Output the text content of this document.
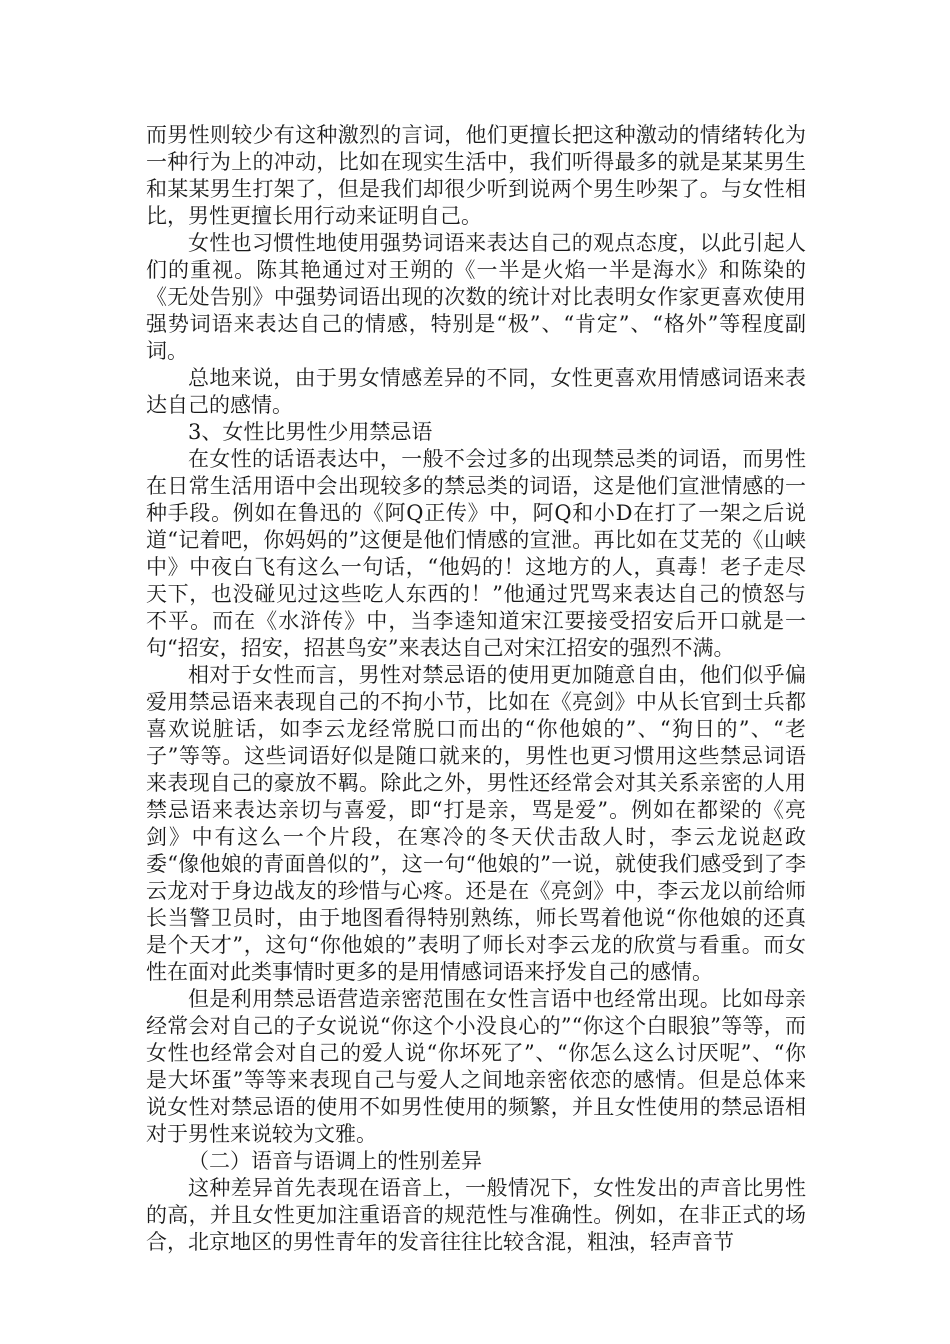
而男性则较少有这种激烈的言词，他们更擅长把这种激动的情绪转化为一种行为上的冲动，比如在现实生活中，我们听得最多的就是某某男生和某某男生打架了，但是我们却很少听到说两个男生吵架了。与女性相比，男性更擅长用行动来证明自己。

女性也习惯性地使用强势词语来表达自己的观点态度，以此引起人们的重视。陈其艳通过对王朔的《一半是火焰一半是海水》和陈染的《无处告别》中强势词语出现的次数的统计对比表明女作家更喜欢使用强势词语来表达自己的情感，特别是“极”、“肯定”、“格外”等程度副词。

总地来说，由于男女情感差异的不同，女性更喜欢用情感词语来表达自己的感情。

3、女性比男性少用禁忌语

在女性的话语表达中，一般不会过多的出现禁忌类的词语，而男性在日常生活用语中会出现较多的禁忌类的词语，这是他们宣泄情感的一种手段。例如在鲁迅的《阿Q正传》中，阿Q和小D在打了一架之后说道“记着吧，你妈妈的”这便是他们情感的宣泄。再比如在艾芜的《山峡中》中夜白飞有这么一句话，“他妈的！这地方的人，真毒！老子走尽天下，也没碰见过这些吃人东西的！”他通过咒骂来表达自己的愤怒与不平。而在《水浒传》中，当李逵知道宋江要接受招安后开口就是一句“招安，招安，招甚鸟安”来表达自己对宋江招安的强烈不满。

相对于女性而言，男性对禁忌语的使用更加随意自由，他们似乎偏爱用禁忌语来表现自己的不拘小节，比如在《亮剑》中从长官到士兵都喜欢说脏话，如李云龙经常脱口而出的“你他娘的”、“狗日的”、“老子”等等。这些词语好似是随口就来的，男性也更习惯用这些禁忌词语来表现自己的豪放不羁。除此之外，男性还经常会对其关系亲密的人用禁忌语来表达亲切与喜爱，即“打是亲，骂是爱”。例如在都梁的《亮剑》中有这么一个片段，在寒冷的冬天伏击敌人时，李云龙说赵政委“像他娘的青面兽似的”，这一句“他娘的”一说，就使我们感受到了李云龙对于身边战友的珍惜与心疼。还是在《亮剑》中，李云龙以前给师长当警卫员时，由于地图看得特别熟练，师长骂着他说“你他娘的还真是个天才”，这句“你他娘的”表明了师长对李云龙的欣赏与看重。而女性在面对此类事情时更多的是用情感词语来抒发自己的感情。

但是利用禁忌语营造亲密范围在女性言语中也经常出现。比如母亲经常会对自己的子女说说“你这个小没良心的”“你这个白眼狼”等等，而女性也经常会对自己的爱人说“你坏死了”、“你怎么这么讨厌呢”、“你是大坏蛋”等等来表现自己与爱人之间地亲密依恋的感情。但是总体来说女性对禁忌语的使用不如男性使用的频繁，并且女性使用的禁忌语相对于男性来说较为文雅。

（二）语音与语调上的性别差异

这种差异首先表现在语音上，一般情况下，女性发出的声音比男性的高，并且女性更加注重语音的规范性与准确性。例如，在非正式的场合，北京地区的男性青年的发音往往比较含混，粗浊，轻声音节
